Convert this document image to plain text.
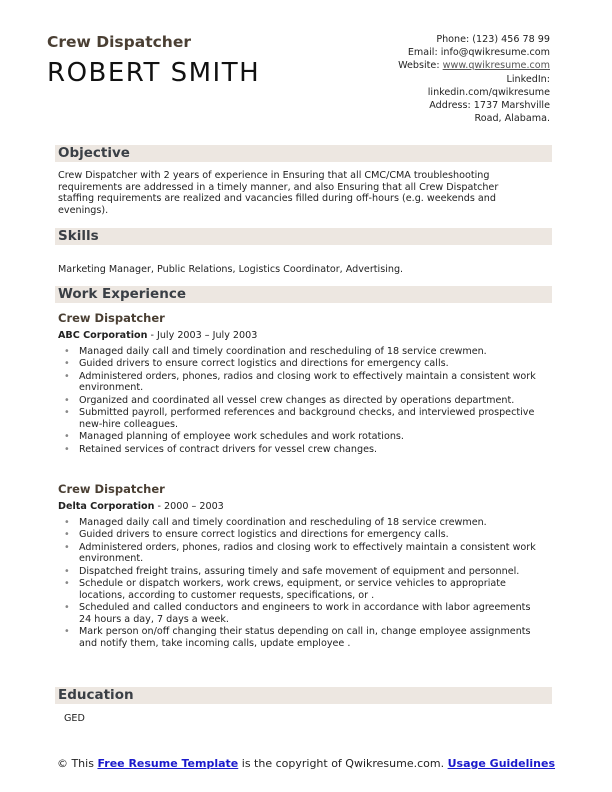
Crew Dispatcher
ROBERT SMITH
Phone: (123) 456 78 99
Email: info@qwikresume.com
Website: www.qwikresume.com
LinkedIn:
linkedin.com/qwikresume
Address: 1737 Marshville Road, Alabama.
Objective
Crew Dispatcher with 2 years of experience in Ensuring that all CMC/CMA troubleshooting requirements are addressed in a timely manner, and also Ensuring that all Crew Dispatcher staffing requirements are realized and vacancies filled during off-hours (e.g. weekends and evenings).
Skills
Marketing Manager, Public Relations, Logistics Coordinator, Advertising.
Work Experience
Crew Dispatcher
ABC Corporation - July 2003 – July 2003
• Managed daily call and timely coordination and rescheduling of 18 service crewmen.
• Guided drivers to ensure correct logistics and directions for emergency calls.
• Administered orders, phones, radios and closing work to effectively maintain a consistent work environment.
• Organized and coordinated all vessel crew changes as directed by operations department.
• Submitted payroll, performed references and background checks, and interviewed prospective new-hire colleagues.
• Managed planning of employee work schedules and work rotations.
• Retained services of contract drivers for vessel crew changes.
Crew Dispatcher
Delta Corporation - 2000 – 2003
• Managed daily call and timely coordination and rescheduling of 18 service crewmen.
• Guided drivers to ensure correct logistics and directions for emergency calls.
• Administered orders, phones, radios and closing work to effectively maintain a consistent work environment.
• Dispatched freight trains, assuring timely and safe movement of equipment and personnel.
• Schedule or dispatch workers, work crews, equipment, or service vehicles to appropriate locations, according to customer requests, specifications, or .
• Scheduled and called conductors and engineers to work in accordance with labor agreements 24 hours a day, 7 days a week.
• Mark person on/off changing their status depending on call in, change employee assignments and notify them, take incoming calls, update employee .
Education
GED
© This Free Resume Template is the copyright of Qwikresume.com. Usage Guidelines
